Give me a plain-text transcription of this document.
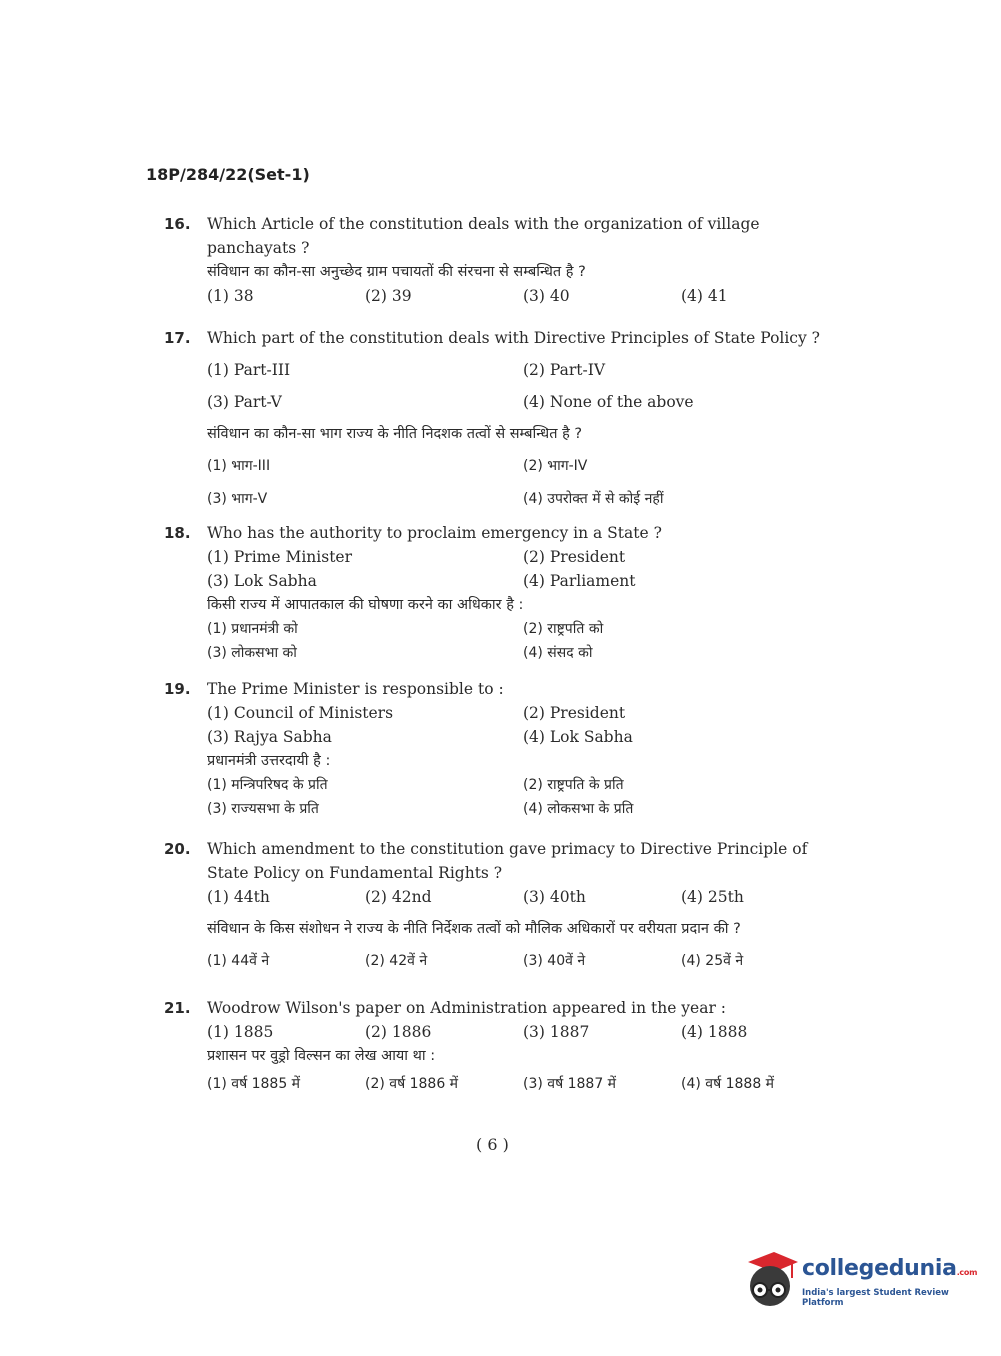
18P/284/22(Set-1)
16. Which Article of the constitution deals with the organization of village panchayats ?
संविधान का कौन-सा अनुच्छेद ग्राम पचायतों की संरचना से सम्बन्धित है ?
(1) 38	(2) 39	(3) 40	(4) 41
17. Which part of the constitution deals with Directive Principles of State Policy ?
(1) Part-III	(2) Part-IV
(3) Part-V	(4) None of the above
संविधान का कौन-सा भाग राज्य के नीति निदशक तत्वों से सम्बन्धित है ?
(1) भाग-III	(2) भाग-IV
(3) भाग-V	(4) उपरोक्त में से कोई नहीं
18. Who has the authority to proclaim emergency in a State ?
(1) Prime Minister	(2) President
(3) Lok Sabha	(4) Parliament
किसी राज्य में आपातकाल की घोषणा करने का अधिकार है :
(1) प्रधानमंत्री को	(2) राष्ट्रपति को
(3) लोकसभा को	(4) संसद को
19. The Prime Minister is responsible to :
(1) Council of Ministers	(2) President
(3) Rajya Sabha	(4) Lok Sabha
प्रधानमंत्री उत्तरदायी है :
(1) मन्त्रिपरिषद के प्रति	(2) राष्ट्रपति के प्रति
(3) राज्यसभा के प्रति	(4) लोकसभा के प्रति
20. Which amendment to the constitution gave primacy to Directive Principle of State Policy on Fundamental Rights ?
(1) 44th	(2) 42nd	(3) 40th	(4) 25th
संविधान के किस संशोधन ने राज्य के नीति निर्देशक तत्वों को मौलिक अधिकारों पर वरीयता प्रदान की ?
(1) 44वें ने	(2) 42वें ने	(3) 40वें ने	(4) 25वें ने
21. Woodrow Wilson's paper on Administration appeared in the year :
(1) 1885	(2) 1886	(3) 1887	(4) 1888
प्रशासन पर वुड्रो विल्सन का लेख आया था :
(1) वर्ष 1885 में	(2) वर्ष 1886 में	(3) वर्ष 1887 में	(4) वर्ष 1888 में
( 6 )
collegedunia.com
India's largest Student Review Platform
